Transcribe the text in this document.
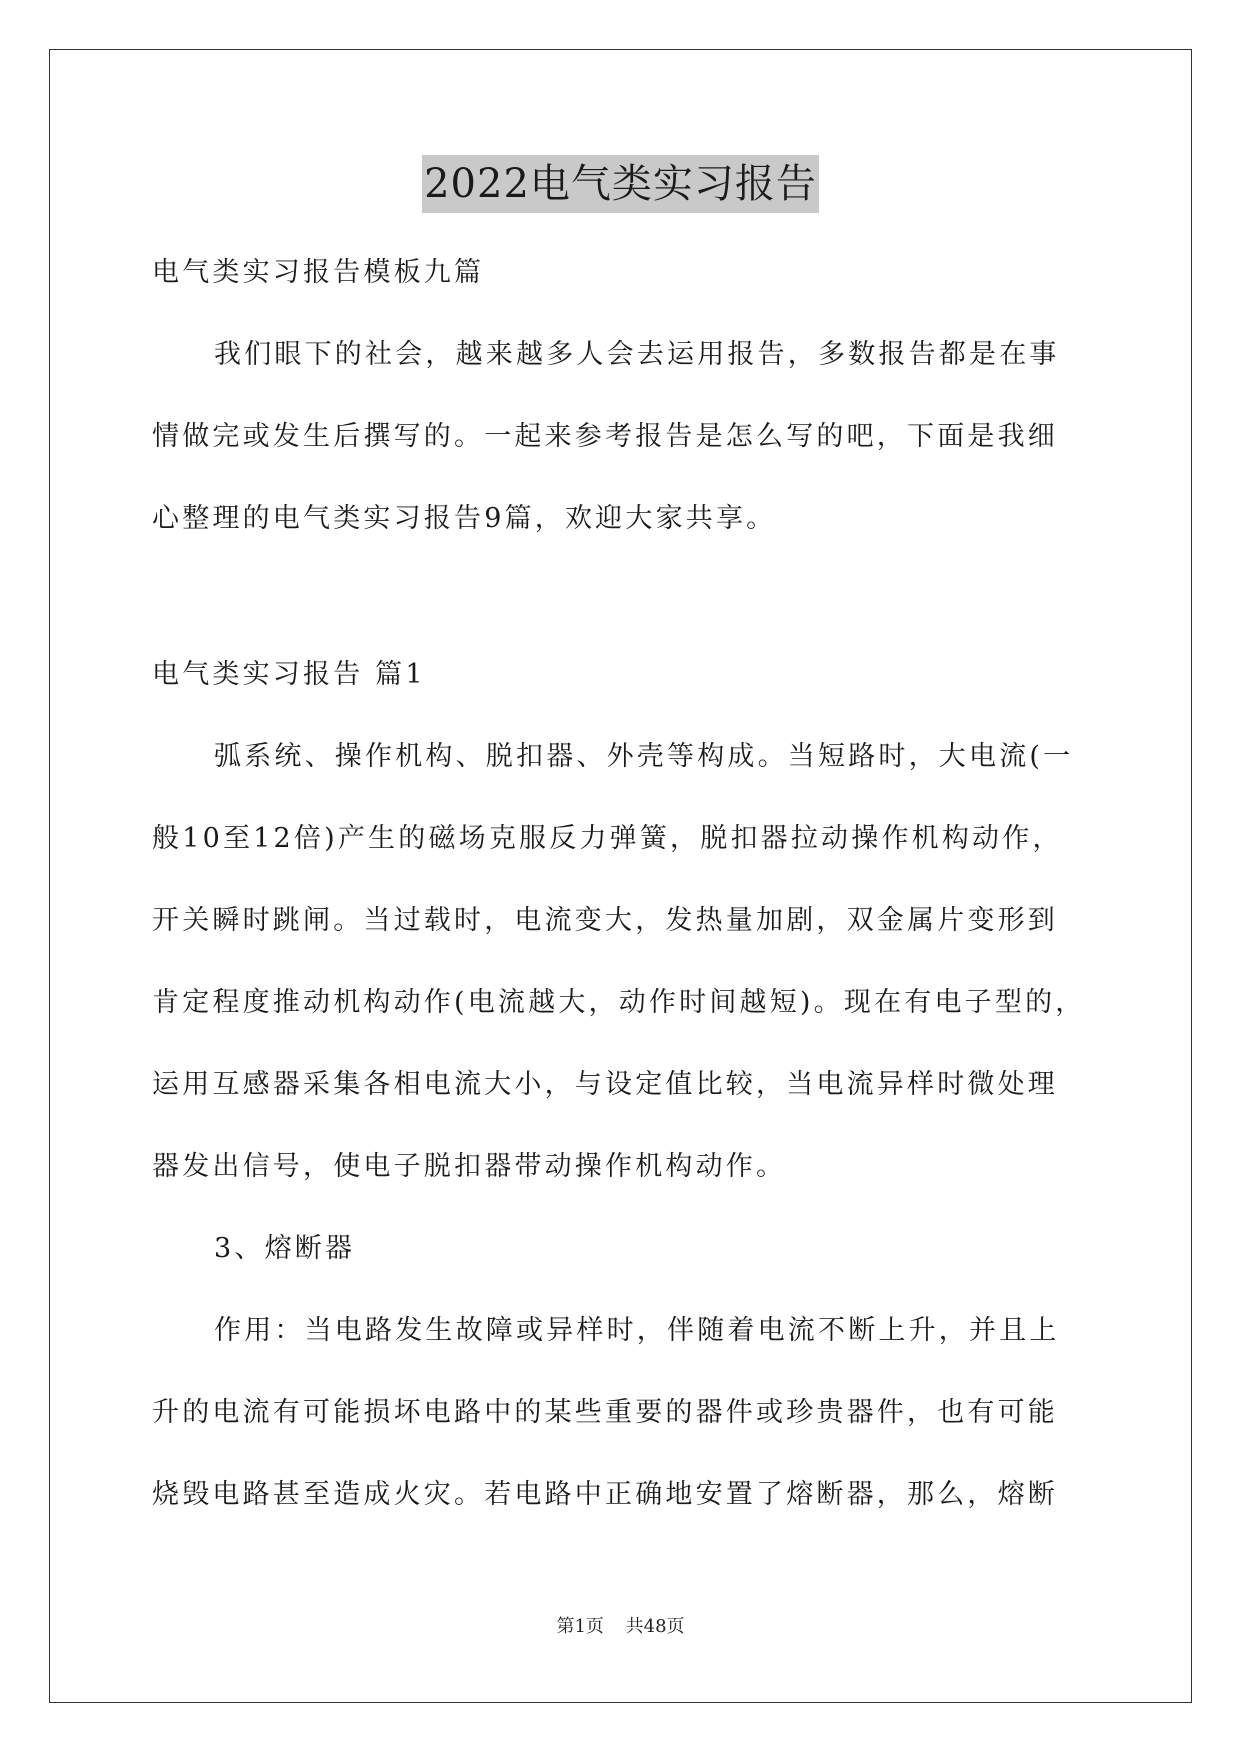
2022电气类实习报告
电气类实习报告模板九篇
我们眼下的社会，越来越多人会去运用报告，多数报告都是在事
情做完或发生后撰写的。一起来参考报告是怎么写的吧，下面是我细
心整理的电气类实习报告9篇，欢迎大家共享。
电气类实习报告 篇1
弧系统、操作机构、脱扣器、外壳等构成。当短路时，大电流(一
般10至12倍)产生的磁场克服反力弹簧，脱扣器拉动操作机构动作，
开关瞬时跳闸。当过载时，电流变大，发热量加剧，双金属片变形到
肯定程度推动机构动作(电流越大，动作时间越短)。现在有电子型的，
运用互感器采集各相电流大小，与设定值比较，当电流异样时微处理
器发出信号，使电子脱扣器带动操作机构动作。
3、熔断器
作用：当电路发生故障或异样时，伴随着电流不断上升，并且上
升的电流有可能损坏电路中的某些重要的器件或珍贵器件，也有可能
烧毁电路甚至造成火灾。若电路中正确地安置了熔断器，那么，熔断
第1页 共48页
